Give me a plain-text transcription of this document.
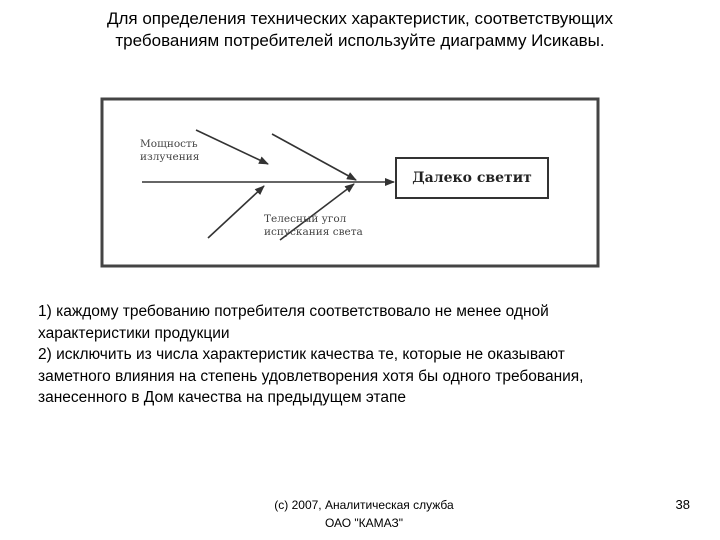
Для определения технических характеристик, соответствующих
требованиям потребителей используйте диаграмму Исикавы.
Мощность
излучения
Телесный угол
испускания света
Далеко светит
1) каждому требованию потребителя соответствовало не менее одной
характеристики продукции
2) исключить из числа характеристик качества те, которые не оказывают
заметного влияния на степень удовлетворения хотя бы одного требования,
занесенного в Дом качества на предыдущем этапе
(c) 2007, Аналитическая служба
ОАО "КАМАЗ"
38
